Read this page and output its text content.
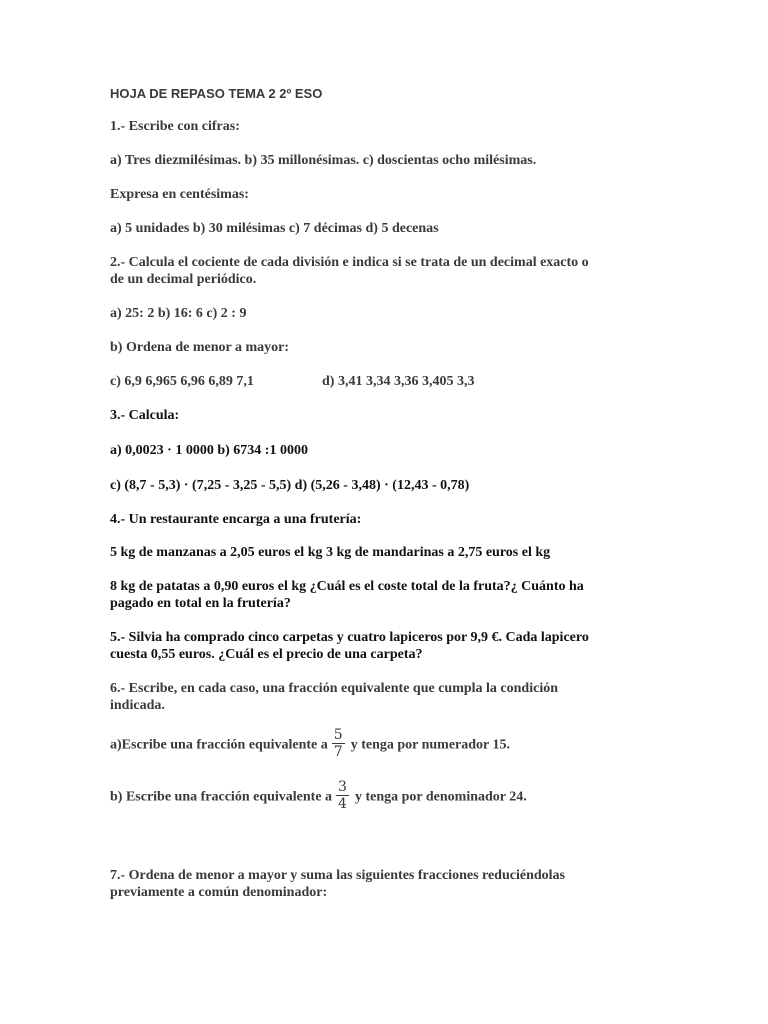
HOJA DE REPASO TEMA 2 2º ESO
1.- Escribe con cifras:
a) Tres diezmilésimas. b) 35 millonésimas. c) doscientas ocho milésimas.
Expresa en centésimas:
a) 5 unidades b) 30 milésimas c) 7 décimas d) 5 decenas
2.- Calcula el cociente de cada división e indica si se trata de un decimal exacto o
de un decimal periódico.
a) 25: 2 b) 16: 6 c) 2 : 9
b) Ordena de menor a mayor:
c) 6,9 6,965 6,96 6,89 7,1	d) 3,41 3,34 3,36 3,405 3,3
3.- Calcula:
a) 0,0023 · 1 0000 b) 6734 :1 0000
c) (8,7 - 5,3) · (7,25 - 3,25 - 5,5) d) (5,26 - 3,48) · (12,43 - 0,78)
4.- Un restaurante encarga a una frutería:
5 kg de manzanas a 2,05 euros el kg 3 kg de mandarinas a 2,75 euros el kg
8 kg de patatas a 0,90 euros el kg ¿Cuál es el coste total de la fruta?¿ Cuánto ha
pagado en total en la frutería?
5.- Silvia ha comprado cinco carpetas y cuatro lapiceros por 9,9 €. Cada lapicero
cuesta 0,55 euros. ¿Cuál es el precio de una carpeta?
6.- Escribe, en cada caso, una fracción equivalente que cumpla la condición
indicada.
a)Escribe una fracción equivalente a $\frac{5}{7}$ y tenga por numerador 15.
b) Escribe una fracción equivalente a $\frac{3}{4}$ y tenga por denominador 24.
7.- Ordena de menor a mayor y suma las siguientes fracciones reduciéndolas
previamente a común denominador:
